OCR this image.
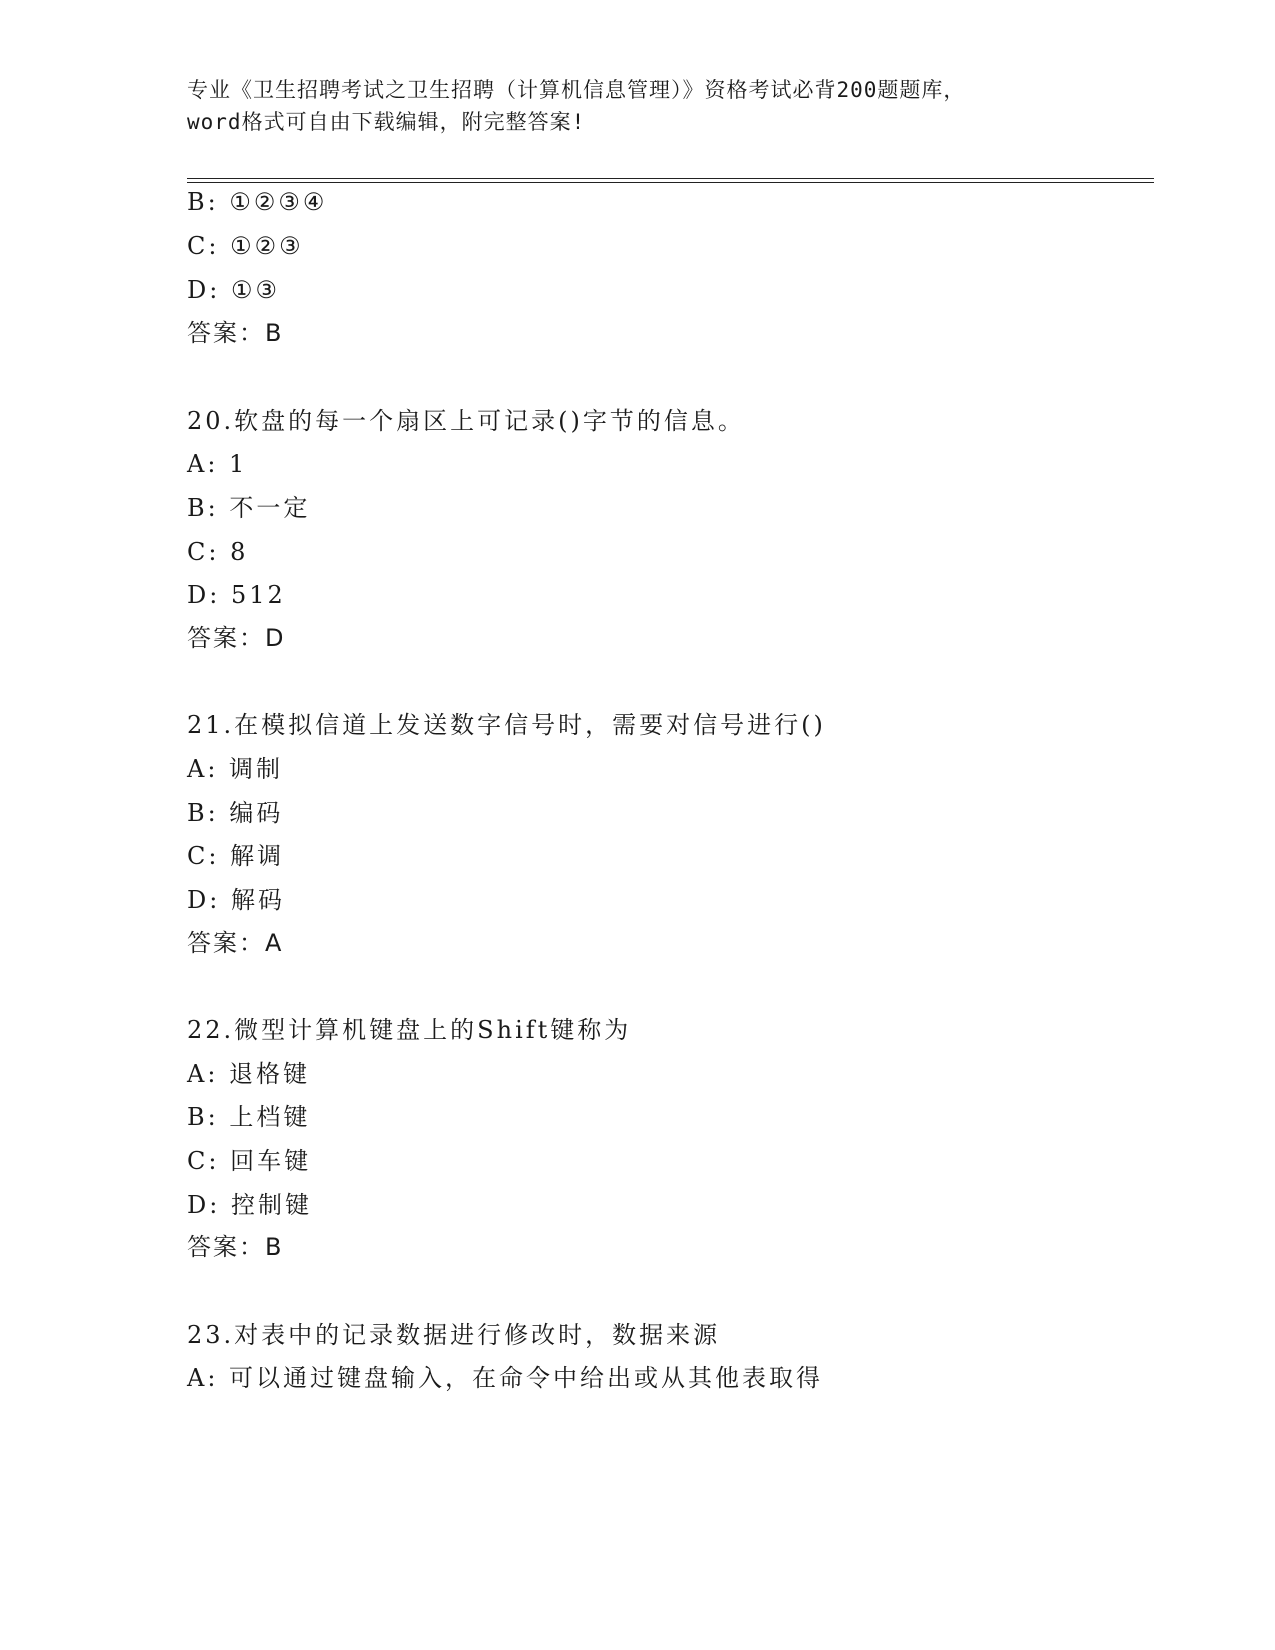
专业《卫生招聘考试之卫生招聘（计算机信息管理）》资格考试必背200题题库，
word格式可自由下载编辑，附完整答案!
B: ①②③④
C: ①②③
D: ①③
答案：B
20.软盘的每一个扇区上可记录()字节的信息。
A: 1
B: 不一定
C: 8
D: 512
答案：D
21.在模拟信道上发送数字信号时，需要对信号进行()
A: 调制
B: 编码
C: 解调
D: 解码
答案：A
22.微型计算机键盘上的Shift键称为
A: 退格键
B: 上档键
C: 回车键
D: 控制键
答案：B
23.对表中的记录数据进行修改时，数据来源
A: 可以通过键盘输入，在命令中给出或从其他表取得
